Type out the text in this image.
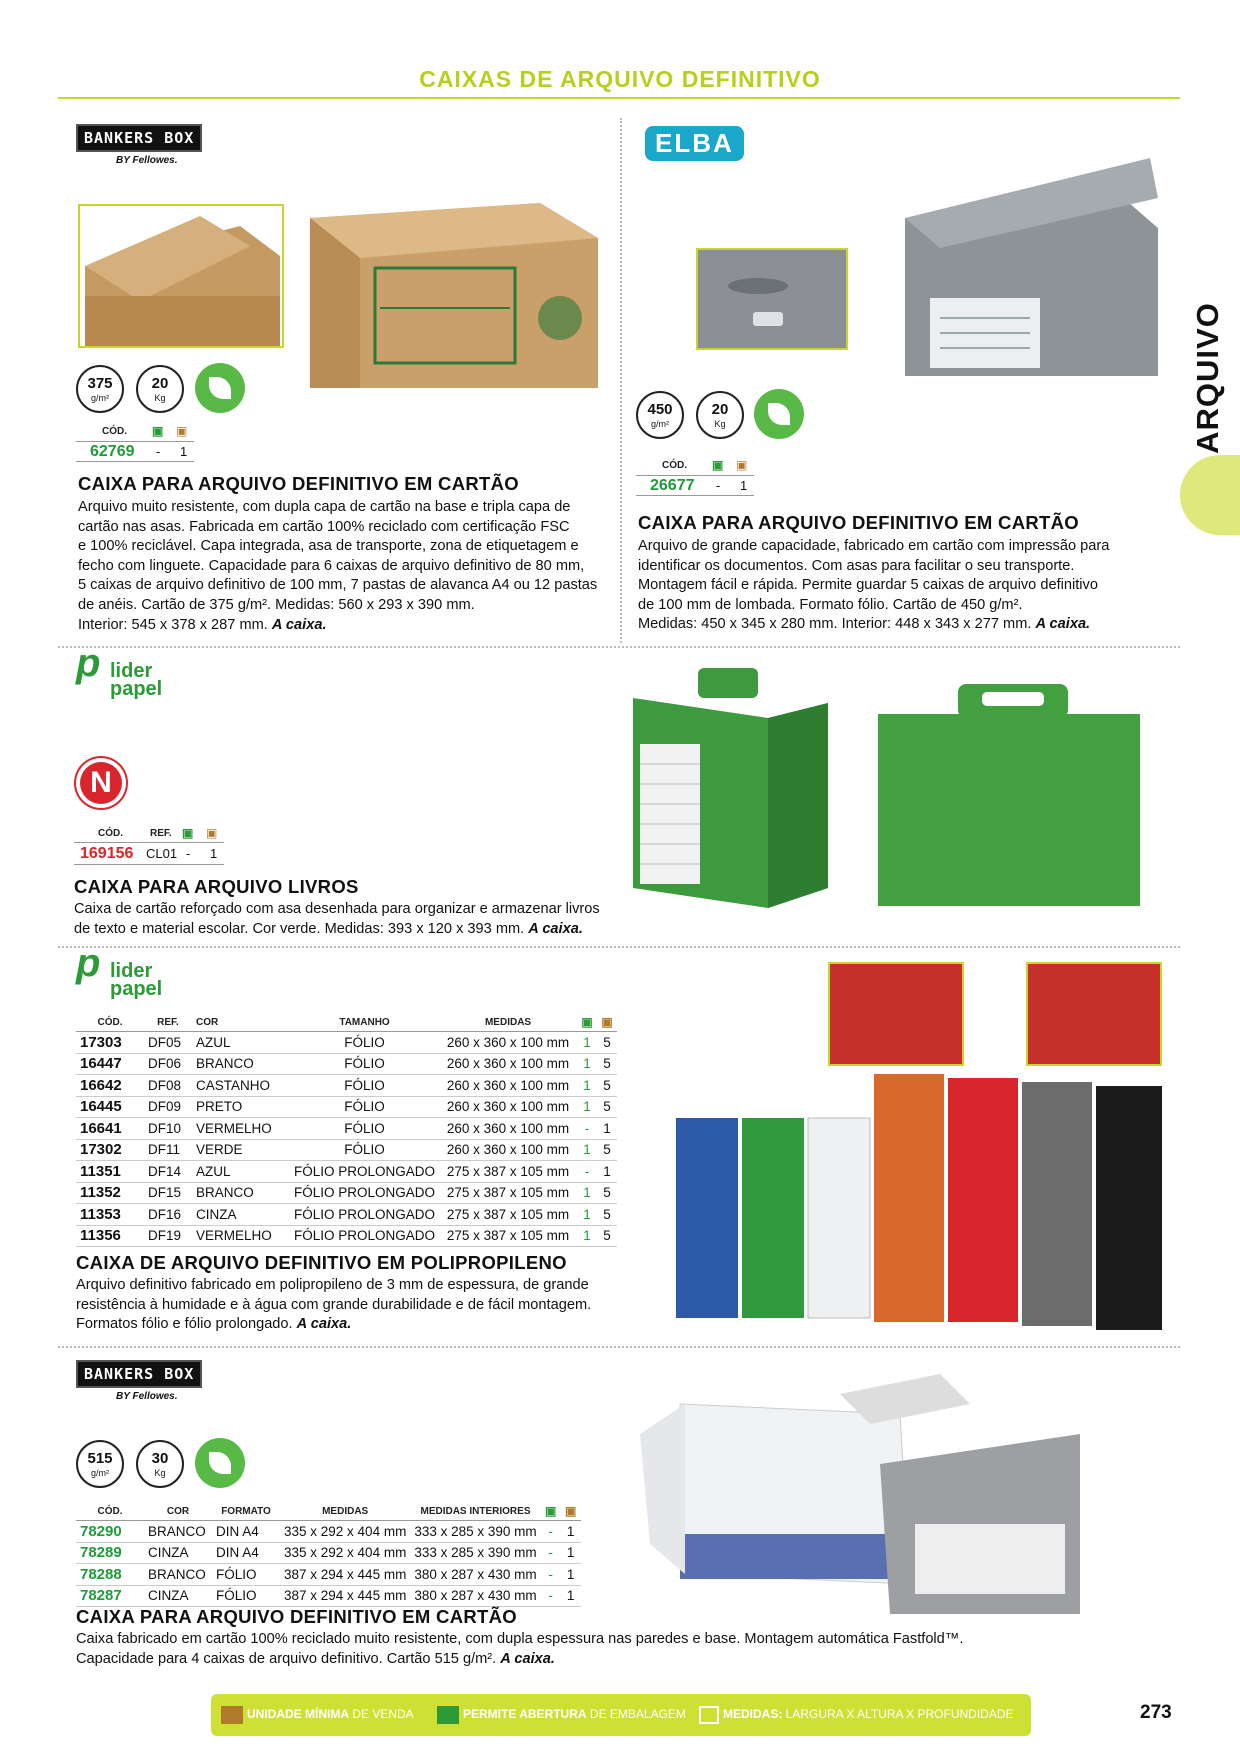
CAIXAS DE ARQUIVO DEFINITIVO
ARQUIVO
BANKERS BOX
BY Fellowes.
375
g/m²
20
Kg
CÓD. ▣ ▣
62769 - 1
CAIXA PARA ARQUIVO DEFINITIVO EM CARTÃO
Arquivo muito resistente, com dupla capa de cartão na base e tripla capa de
cartão nas asas. Fabricada em cartão 100% reciclado com certificação FSC
e 100% reciclável. Capa integrada, asa de transporte, zona de etiquetagem e
fecho com linguete. Capacidade para 6 caixas de arquivo definitivo de 80 mm,
5 caixas de arquivo definitivo de 100 mm, 7 pastas de alavanca A4 ou 12 pastas
de anéis. Cartão de 375 g/m². Medidas: 560 x 293 x 390 mm.
Interior: 545 x 378 x 287 mm. A caixa.
ELBA
450
g/m²
20
Kg
CÓD. ▣ ▣
26677 - 1
CAIXA PARA ARQUIVO DEFINITIVO EM CARTÃO
Arquivo de grande capacidade, fabricado em cartão com impressão para
identificar os documentos. Com asas para facilitar o seu transporte.
Montagem fácil e rápida. Permite guardar 5 caixas de arquivo definitivo
de 100 mm de lombada. Formato fólio. Cartão de 450 g/m².
Medidas: 450 x 345 x 280 mm. Interior: 448 x 343 x 277 mm. A caixa.
p lider
papel
N
CÓD.	REF. ▣ ▣
169156 CL01 - 1
CAIXA PARA ARQUIVO LIVROS
Caixa de cartão reforçado com asa desenhada para organizar e armazenar livros
de texto e material escolar. Cor verde. Medidas: 393 x 120 x 393 mm. A caixa.
p lider
papel
CÓD.	REF.	COR	TAMANHO	MEDIDAS	▣	▣
17303	DF05	AZUL	FÓLIO	260 x 360 x 100 mm	1	5
16447	DF06	BRANCO	FÓLIO	260 x 360 x 100 mm	1	5
16642	DF08	CASTANHO	FÓLIO	260 x 360 x 100 mm	1	5
16445	DF09	PRETO	FÓLIO	260 x 360 x 100 mm	1	5
16641	DF10	VERMELHO	FÓLIO	260 x 360 x 100 mm	-	1
17302	DF11	VERDE	FÓLIO	260 x 360 x 100 mm	1	5
11351	DF14	AZUL	FÓLIO PROLONGADO	275 x 387 x 105 mm	-	1
11352	DF15	BRANCO	FÓLIO PROLONGADO	275 x 387 x 105 mm	1	5
11353	DF16	CINZA	FÓLIO PROLONGADO	275 x 387 x 105 mm	1	5
11356	DF19	VERMELHO	FÓLIO PROLONGADO	275 x 387 x 105 mm	1	5
CAIXA DE ARQUIVO DEFINITIVO EM POLIPROPILENO
Arquivo definitivo fabricado em polipropileno de 3 mm de espessura, de grande
resistência à humidade e à água com grande durabilidade e de fácil montagem.
Formatos fólio e fólio prolongado. A caixa.
BANKERS BOX
BY Fellowes.
515
g/m²
30
Kg
CÓD.	COR	FORMATO	MEDIDAS	MEDIDAS INTERIORES	▣	▣
78290	BRANCO	DIN A4	335 x 292 x 404 mm	333 x 285 x 390 mm	-	1
78289	CINZA	DIN A4	335 x 292 x 404 mm	333 x 285 x 390 mm	-	1
78288	BRANCO	FÓLIO	387 x 294 x 445 mm	380 x 287 x 430 mm	-	1
78287	CINZA	FÓLIO	387 x 294 x 445 mm	380 x 287 x 430 mm	-	1
CAIXA PARA ARQUIVO DEFINITIVO EM CARTÃO
Caixa fabricado em cartão 100% reciclado muito resistente, com dupla espessura nas paredes e base. Montagem automática Fastfold™.
Capacidade para 4 caixas de arquivo definitivo. Cartão 515 g/m². A caixa.
UNIDADE MÍNIMA DE VENDA	PERMITE ABERTURA DE EMBALAGEM	MEDIDAS: LARGURA X ALTURA X PROFUNDIDADE	273
